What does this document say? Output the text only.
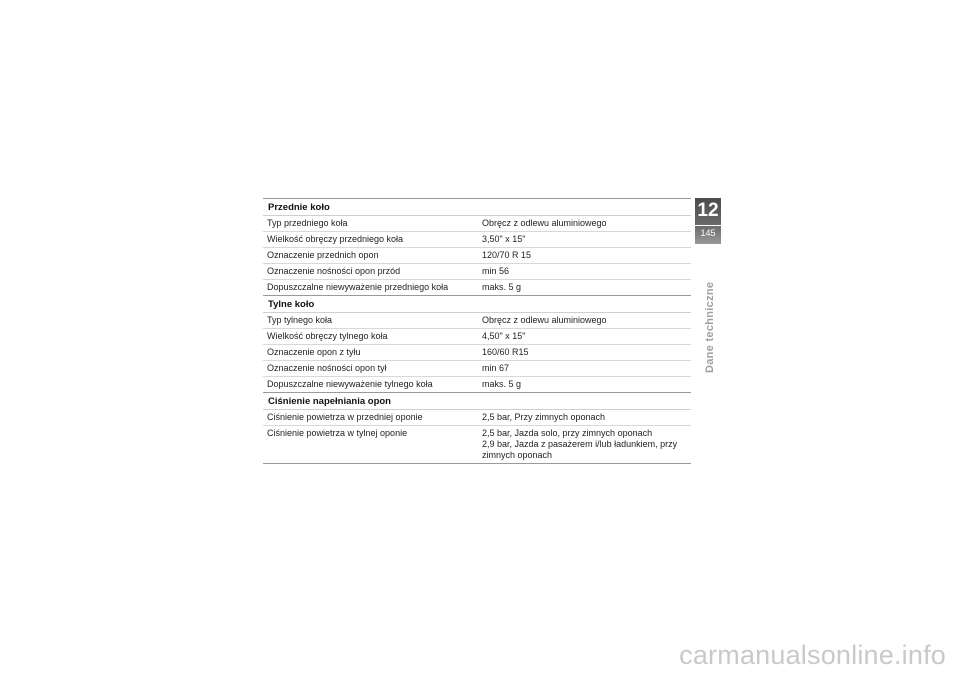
Przednie koło
Typ przedniego koła	Obręcz z odlewu aluminiowego
Wielkość obręczy przedniego koła	3,50" x 15"
Oznaczenie przednich opon	120/70 R 15
Oznaczenie nośności opon przód	min 56
Dopuszczalne niewyważenie przedniego koła	maks. 5 g
Tylne koło
Typ tylnego koła	Obręcz z odlewu aluminiowego
Wielkość obręczy tylnego koła	4,50" x 15"
Oznaczenie opon z tyłu	160/60 R15
Oznaczenie nośności opon tył	min 67
Dopuszczalne niewyważenie tylnego koła	maks. 5 g
Ciśnienie napełniania opon
Ciśnienie powietrza w przedniej oponie	2,5 bar, Przy zimnych oponach
Ciśnienie powietrza w tylnej oponie	2,5 bar, Jazda solo, przy zimnych oponach
2,9 bar, Jazda z pasażerem i/lub ładunkiem, przy
zimnych oponach
12
145
Dane techniczne
carmanualsonline.info
